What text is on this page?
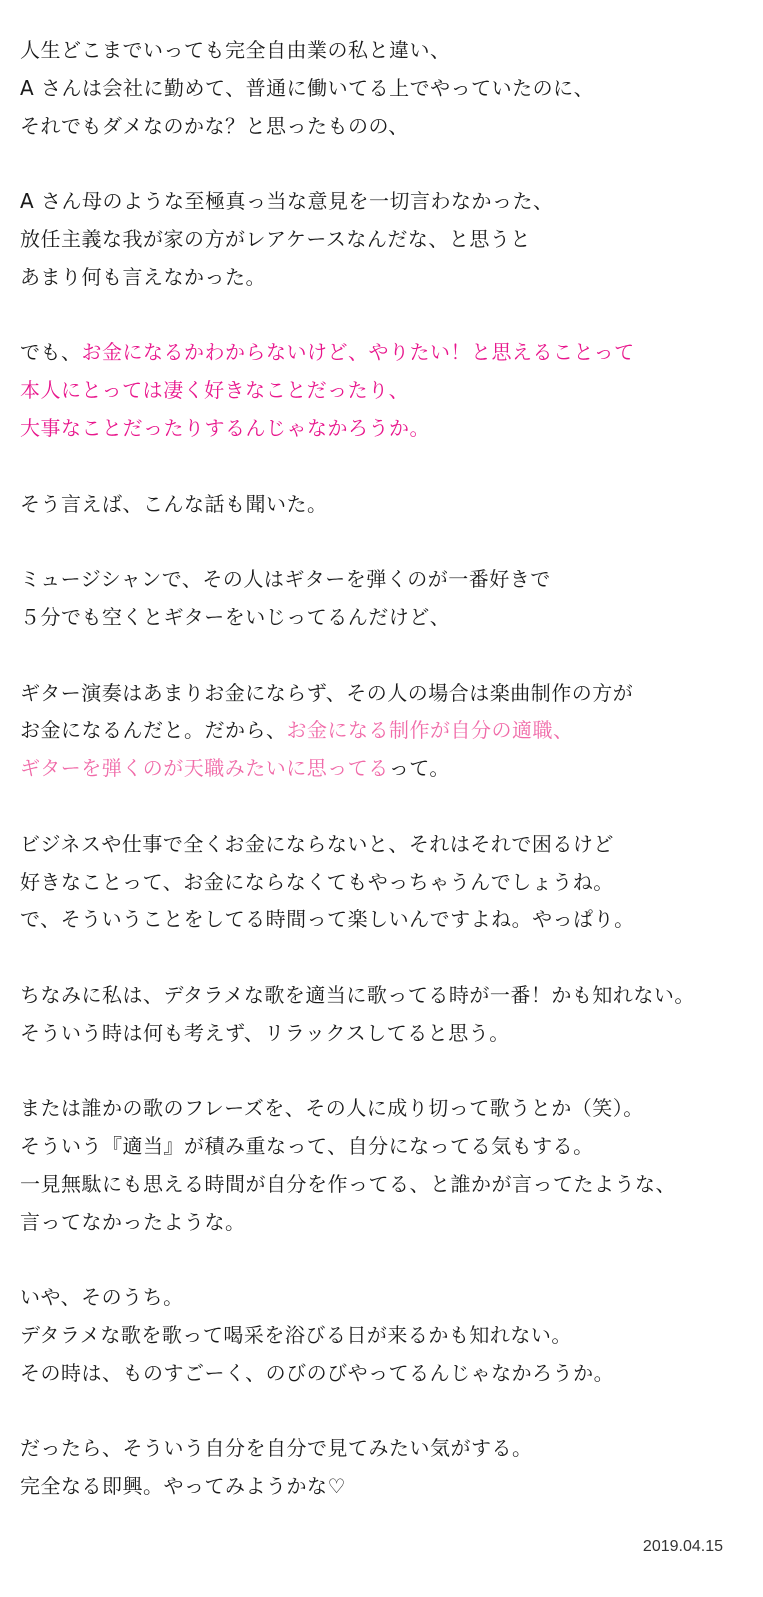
人生どこまでいっても完全自由業の私と違い、
A さんは会社に勤めて、普通に働いてる上でやっていたのに、
それでもダメなのかな？と思ったものの、
A さん母のような至極真っ当な意見を一切言わなかった、
放任主義な我が家の方がレアケースなんだな、と思うと
あまり何も言えなかった。
でも、お金になるかわからないけど、やりたい！と思えることって
本人にとっては凄く好きなことだったり、
大事なことだったりするんじゃなかろうか。
そう言えば、こんな話も聞いた。
ミュージシャンで、その人はギターを弾くのが一番好きで
５分でも空くとギターをいじってるんだけど、
ギター演奏はあまりお金にならず、その人の場合は楽曲制作の方が
お金になるんだと。だから、お金になる制作が自分の適職、
ギターを弾くのが天職みたいに思ってるって。
ビジネスや仕事で全くお金にならないと、それはそれで困るけど
好きなことって、お金にならなくてもやっちゃうんでしょうね。
で、そういうことをしてる時間って楽しいんですよね。やっぱり。
ちなみに私は、デタラメな歌を適当に歌ってる時が一番！かも知れない。
そういう時は何も考えず、リラックスしてると思う。
または誰かの歌のフレーズを、その人に成り切って歌うとか（笑）。
そういう『適当』が積み重なって、自分になってる気もする。
一見無駄にも思える時間が自分を作ってる、と誰かが言ってたような、
言ってなかったような。
いや、そのうち。
デタラメな歌を歌って喝采を浴びる日が来るかも知れない。
その時は、ものすごーく、のびのびやってるんじゃなかろうか。
だったら、そういう自分を自分で見てみたい気がする。
完全なる即興。やってみようかな♡
2019.04.15
